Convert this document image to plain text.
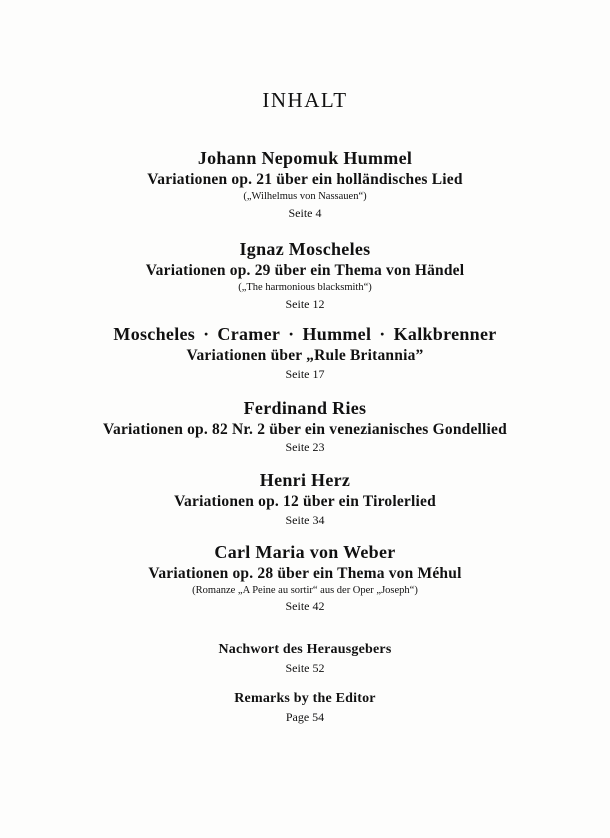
INHALT
Johann Nepomuk Hummel
Variationen op. 21 über ein holländisches Lied
(„Wilhelmus von Nassauen“)
Seite 4
Ignaz Moscheles
Variationen op. 29 über ein Thema von Händel
(„The harmonious blacksmith“)
Seite 12
Moscheles · Cramer · Hummel · Kalkbrenner
Variationen über „Rule Britannia”
Seite 17
Ferdinand Ries
Variationen op. 82 Nr. 2 über ein venezianisches Gondellied
Seite 23
Henri Herz
Variationen op. 12 über ein Tirolerlied
Seite 34
Carl Maria von Weber
Variationen op. 28 über ein Thema von Méhul
(Romanze „A Peine au sortir“ aus der Oper „Joseph“)
Seite 42
Nachwort des Herausgebers
Seite 52
Remarks by the Editor
Page 54
